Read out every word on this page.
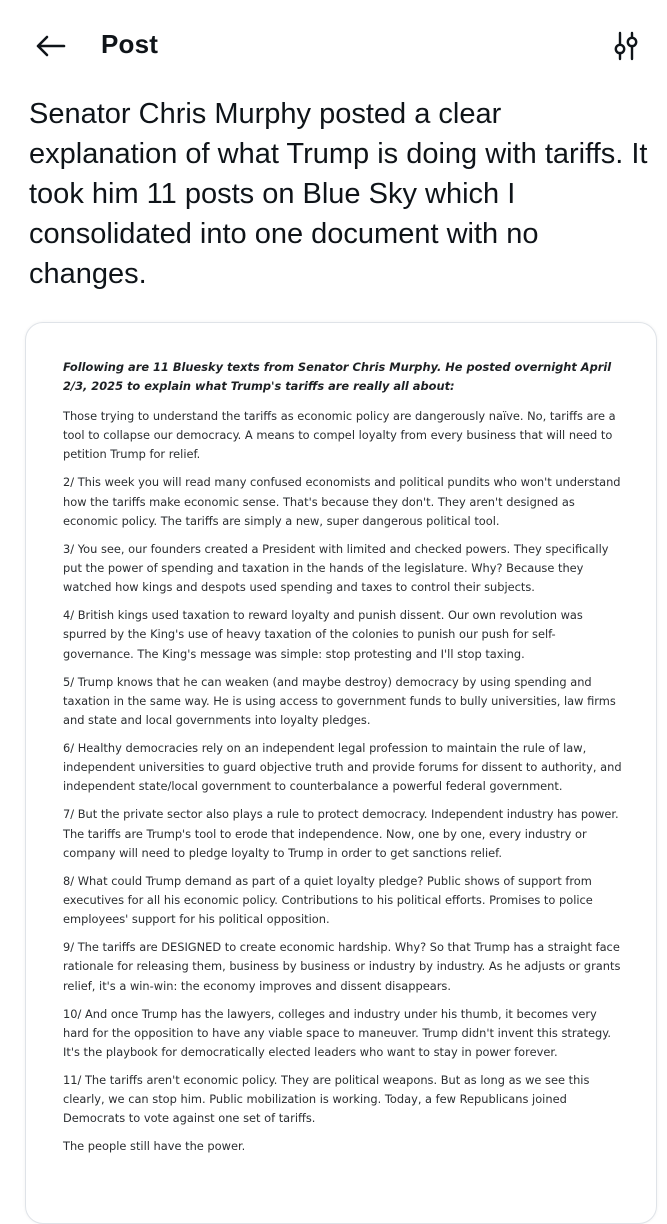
Post

Senator Chris Murphy posted a clear explanation of what Trump is doing with tariffs. It took him 11 posts on Blue Sky which I consolidated into one document with no changes.

Following are 11 Bluesky texts from Senator Chris Murphy. He posted overnight April 2/3, 2025 to explain what Trump's tariffs are really all about:

Those trying to understand the tariffs as economic policy are dangerously naïve. No, tariffs are a tool to collapse our democracy. A means to compel loyalty from every business that will need to petition Trump for relief.

2/ This week you will read many confused economists and political pundits who won't understand how the tariffs make economic sense. That's because they don't. They aren't designed as economic policy. The tariffs are simply a new, super dangerous political tool.

3/ You see, our founders created a President with limited and checked powers. They specifically put the power of spending and taxation in the hands of the legislature. Why? Because they watched how kings and despots used spending and taxes to control their subjects.

4/ British kings used taxation to reward loyalty and punish dissent. Our own revolution was spurred by the King's use of heavy taxation of the colonies to punish our push for self-governance. The King's message was simple: stop protesting and I'll stop taxing.

5/ Trump knows that he can weaken (and maybe destroy) democracy by using spending and taxation in the same way. He is using access to government funds to bully universities, law firms and state and local governments into loyalty pledges.

6/ Healthy democracies rely on an independent legal profession to maintain the rule of law, independent universities to guard objective truth and provide forums for dissent to authority, and independent state/local government to counterbalance a powerful federal government.

7/ But the private sector also plays a rule to protect democracy. Independent industry has power. The tariffs are Trump's tool to erode that independence. Now, one by one, every industry or company will need to pledge loyalty to Trump in order to get sanctions relief.

8/ What could Trump demand as part of a quiet loyalty pledge? Public shows of support from executives for all his economic policy. Contributions to his political efforts. Promises to police employees' support for his political opposition.

9/ The tariffs are DESIGNED to create economic hardship. Why? So that Trump has a straight face rationale for releasing them, business by business or industry by industry. As he adjusts or grants relief, it's a win-win: the economy improves and dissent disappears.

10/ And once Trump has the lawyers, colleges and industry under his thumb, it becomes very hard for the opposition to have any viable space to maneuver. Trump didn't invent this strategy. It's the playbook for democratically elected leaders who want to stay in power forever.

11/ The tariffs aren't economic policy. They are political weapons. But as long as we see this clearly, we can stop him. Public mobilization is working. Today, a few Republicans joined Democrats to vote against one set of tariffs.

The people still have the power.
